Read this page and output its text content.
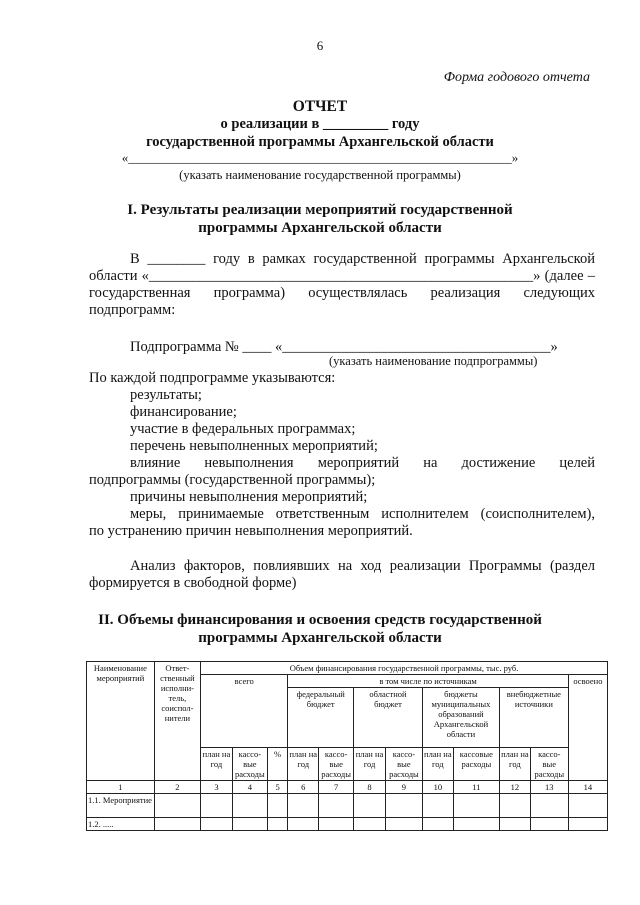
6
Форма годового отчета
ОТЧЕТ
о реализации в _________ году
государственной программы Архангельской области
«___________________________________________________________»
(указать наименование государственной программы)
I. Результаты реализации мероприятий государственной
программы Архангельской области
В ________ году в рамках государственной программы Архангельской
области «_____________________________________________________» (далее –
государственная программа) осуществлялась реализация следующих
подпрограмм:
Подпрограмма № ____ «_____________________________________»
(указать наименование подпрограммы)
По каждой подпрограмме указываются:
результаты;
финансирование;
участие в федеральных программах;
перечень невыполненных мероприятий;
влияние невыполнения мероприятий на достижение целей
подпрограммы (государственной программы);
причины невыполнения мероприятий;
меры, принимаемые ответственным исполнителем (соисполнителем),
по устранению причин невыполнения мероприятий.
Анализ факторов, повлиявших на ход реализации Программы (раздел
формируется в свободной форме)
II. Объемы финансирования и освоения средств государственной
программы Архангельской области
Наименование мероприятий	Ответ-ственный исполни-тель, соиспол-нители	Объем финансирования государственной программы, тыс. руб.											
		всего			в том числе по источникам								освоено
					федеральный бюджет		областной бюджет		бюджеты муниципальных образований Архангельской области		внебюджетные источники		
		план на год	кассо-вые расходы	%	план на год	кассо-вые расходы	план на год	кассо-вые расходы	план на год	кассовые расходы	план на год	кассо-вые расходы	
1	2	3	4	5	6	7	8	9	10	11	12	13	14
1.1. Мероприятие													
1.2. .....													
